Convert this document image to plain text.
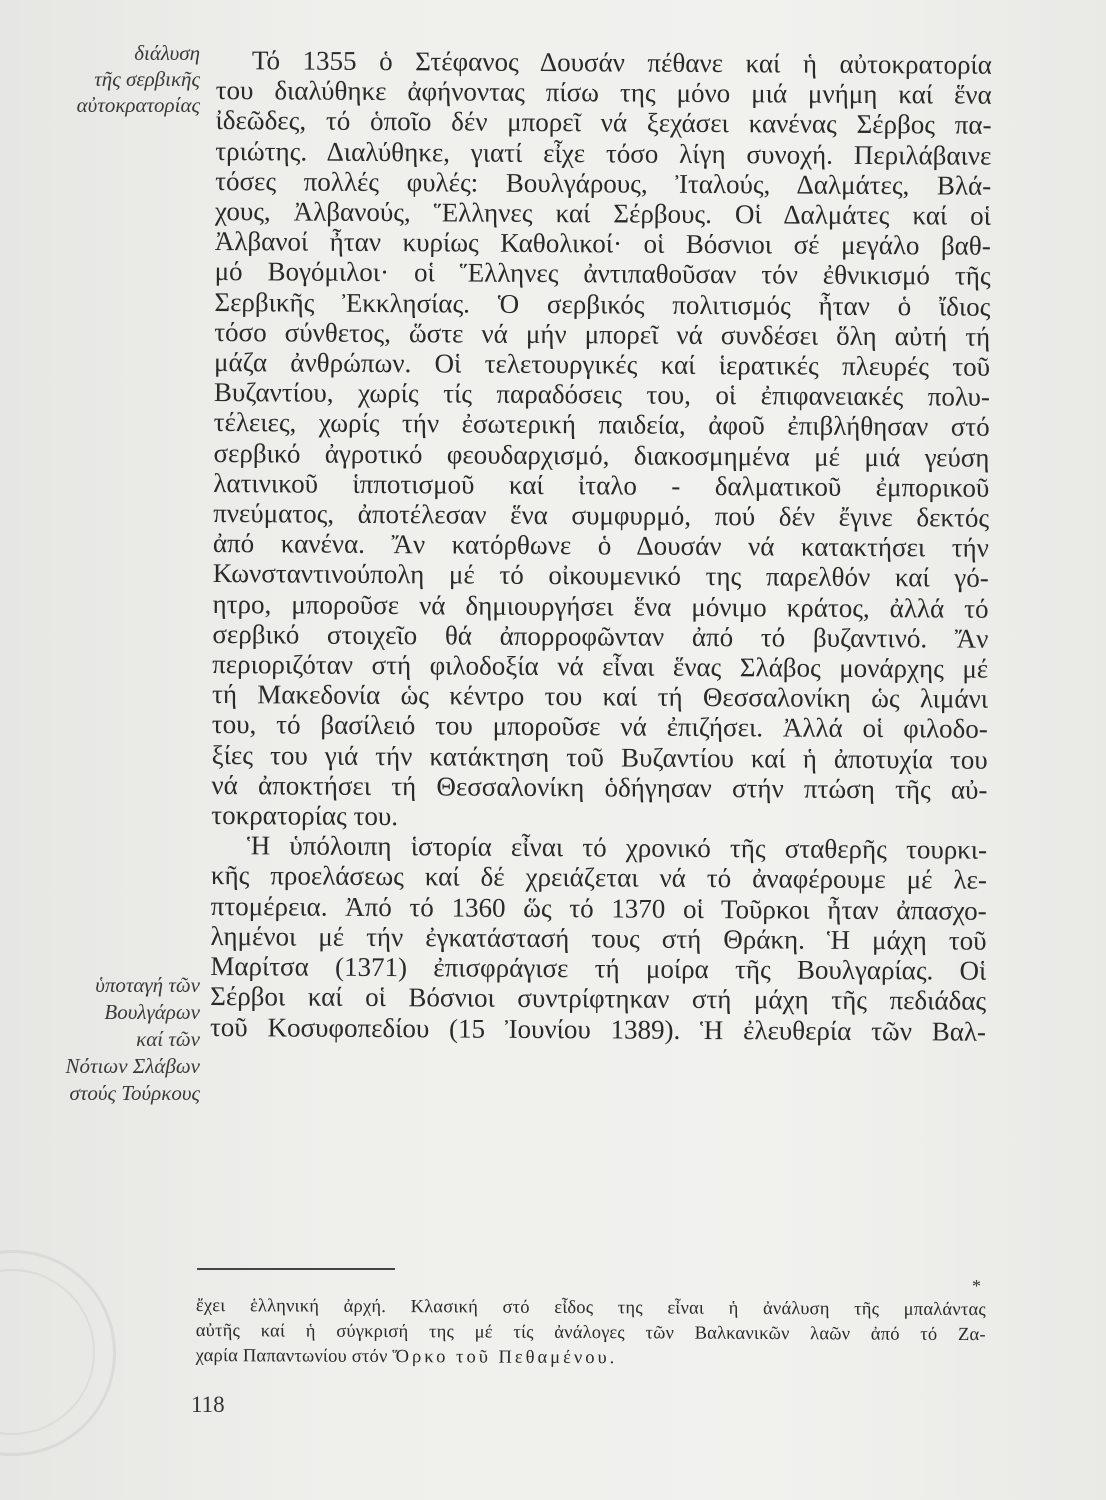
διάλυση
τῆς σερβικῆς
αὐτοκρατορίας
ὑποταγή τῶν
Βουλγάρων
καί τῶν
Νότιων Σλάβων
στούς Τούρκους
Τό 1355 ὁ Στέφανος Δουσάν πέθανε καί ἡ αὐτοκρατορία
του διαλύθηκε ἀφήνοντας πίσω της μόνο μιά μνήμη καί ἕνα
ἰδεῶδες, τό ὁποῖο δέν μπορεῖ νά ξεχάσει κανένας Σέρβος πα-
τριώτης. Διαλύθηκε, γιατί εἶχε τόσο λίγη συνοχή. Περιλάβαινε
τόσες πολλές φυλές: Βουλγάρους, Ἰταλούς, Δαλμάτες, Βλά-
χους, Ἀλβανούς, Ἕλληνες καί Σέρβους. Οἱ Δαλμάτες καί οἱ
Ἀλβανοί ἦταν κυρίως Καθολικοί· οἱ Βόσνιοι σέ μεγάλο βαθ-
μό Βογόμιλοι· οἱ Ἕλληνες ἀντιπαθοῦσαν τόν ἐθνικισμό τῆς
Σερβικῆς Ἐκκλησίας. Ὁ σερβικός πολιτισμός ἦταν ὁ ἴδιος
τόσο σύνθετος, ὥστε νά μήν μπορεῖ νά συνδέσει ὅλη αὐτή τή
μάζα ἀνθρώπων. Οἱ τελετουργικές καί ἱερατικές πλευρές τοῦ
Βυζαντίου, χωρίς τίς παραδόσεις του, οἱ ἐπιφανειακές πολυ-
τέλειες, χωρίς τήν ἐσωτερική παιδεία, ἀφοῦ ἐπιβλήθησαν στό
σερβικό ἀγροτικό φεουδαρχισμό, διακοσμημένα μέ μιά γεύση
λατινικοῦ ἱπποτισμοῦ καί ἰταλο - δαλματικοῦ ἐμπορικοῦ
πνεύματος, ἀποτέλεσαν ἕνα συμφυρμό, πού δέν ἔγινε δεκτός
ἀπό κανένα. Ἄν κατόρθωνε ὁ Δουσάν νά κατακτήσει τήν
Κωνσταντινούπολη μέ τό οἰκουμενικό της παρελθόν καί γό-
ητρο, μποροῦσε νά δημιουργήσει ἕνα μόνιμο κράτος, ἀλλά τό
σερβικό στοιχεῖο θά ἀπορροφῶνταν ἀπό τό βυζαντινό. Ἄν
περιοριζόταν στή φιλοδοξία νά εἶναι ἕνας Σλάβος μονάρχης μέ
τή Μακεδονία ὡς κέντρο του καί τή Θεσσαλονίκη ὡς λιμάνι
του, τό βασίλειό του μποροῦσε νά ἐπιζήσει. Ἀλλά οἱ φιλοδο-
ξίες του γιά τήν κατάκτηση τοῦ Βυζαντίου καί ἡ ἀποτυχία του
νά ἀποκτήσει τή Θεσσαλονίκη ὁδήγησαν στήν πτώση τῆς αὐ-
τοκρατορίας του.
Ἡ ὑπόλοιπη ἱστορία εἶναι τό χρονικό τῆς σταθερῆς τουρκι-
κῆς προελάσεως καί δέ χρειάζεται νά τό ἀναφέρουμε μέ λε-
πτομέρεια. Ἀπό τό 1360 ὥς τό 1370 οἱ Τοῦρκοι ἦταν ἀπασχο-
λημένοι μέ τήν ἐγκατάστασή τους στή Θράκη. Ἡ μάχη τοῦ
Μαρίτσα (1371) ἐπισφράγισε τή μοίρα τῆς Βουλγαρίας. Οἱ
Σέρβοι καί οἱ Βόσνιοι συντρίφτηκαν στή μάχη τῆς πεδιάδας
τοῦ Κοσυφοπεδίου (15 Ἰουνίου 1389). Ἡ ἐλευθερία τῶν Βαλ-
*
ἔχει ἑλληνική ἀρχή. Κλασική στό εἶδος της εἶναι ἡ ἀνάλυση τῆς μπαλάντας
αὐτῆς καί ἡ σύγκρισή της μέ τίς ἀνάλογες τῶν Βαλκανικῶν λαῶν ἀπό τό Ζα-
χαρία Παπαντωνίου στόν Ὅρκο τοῦ Πεθαμένου.
118
